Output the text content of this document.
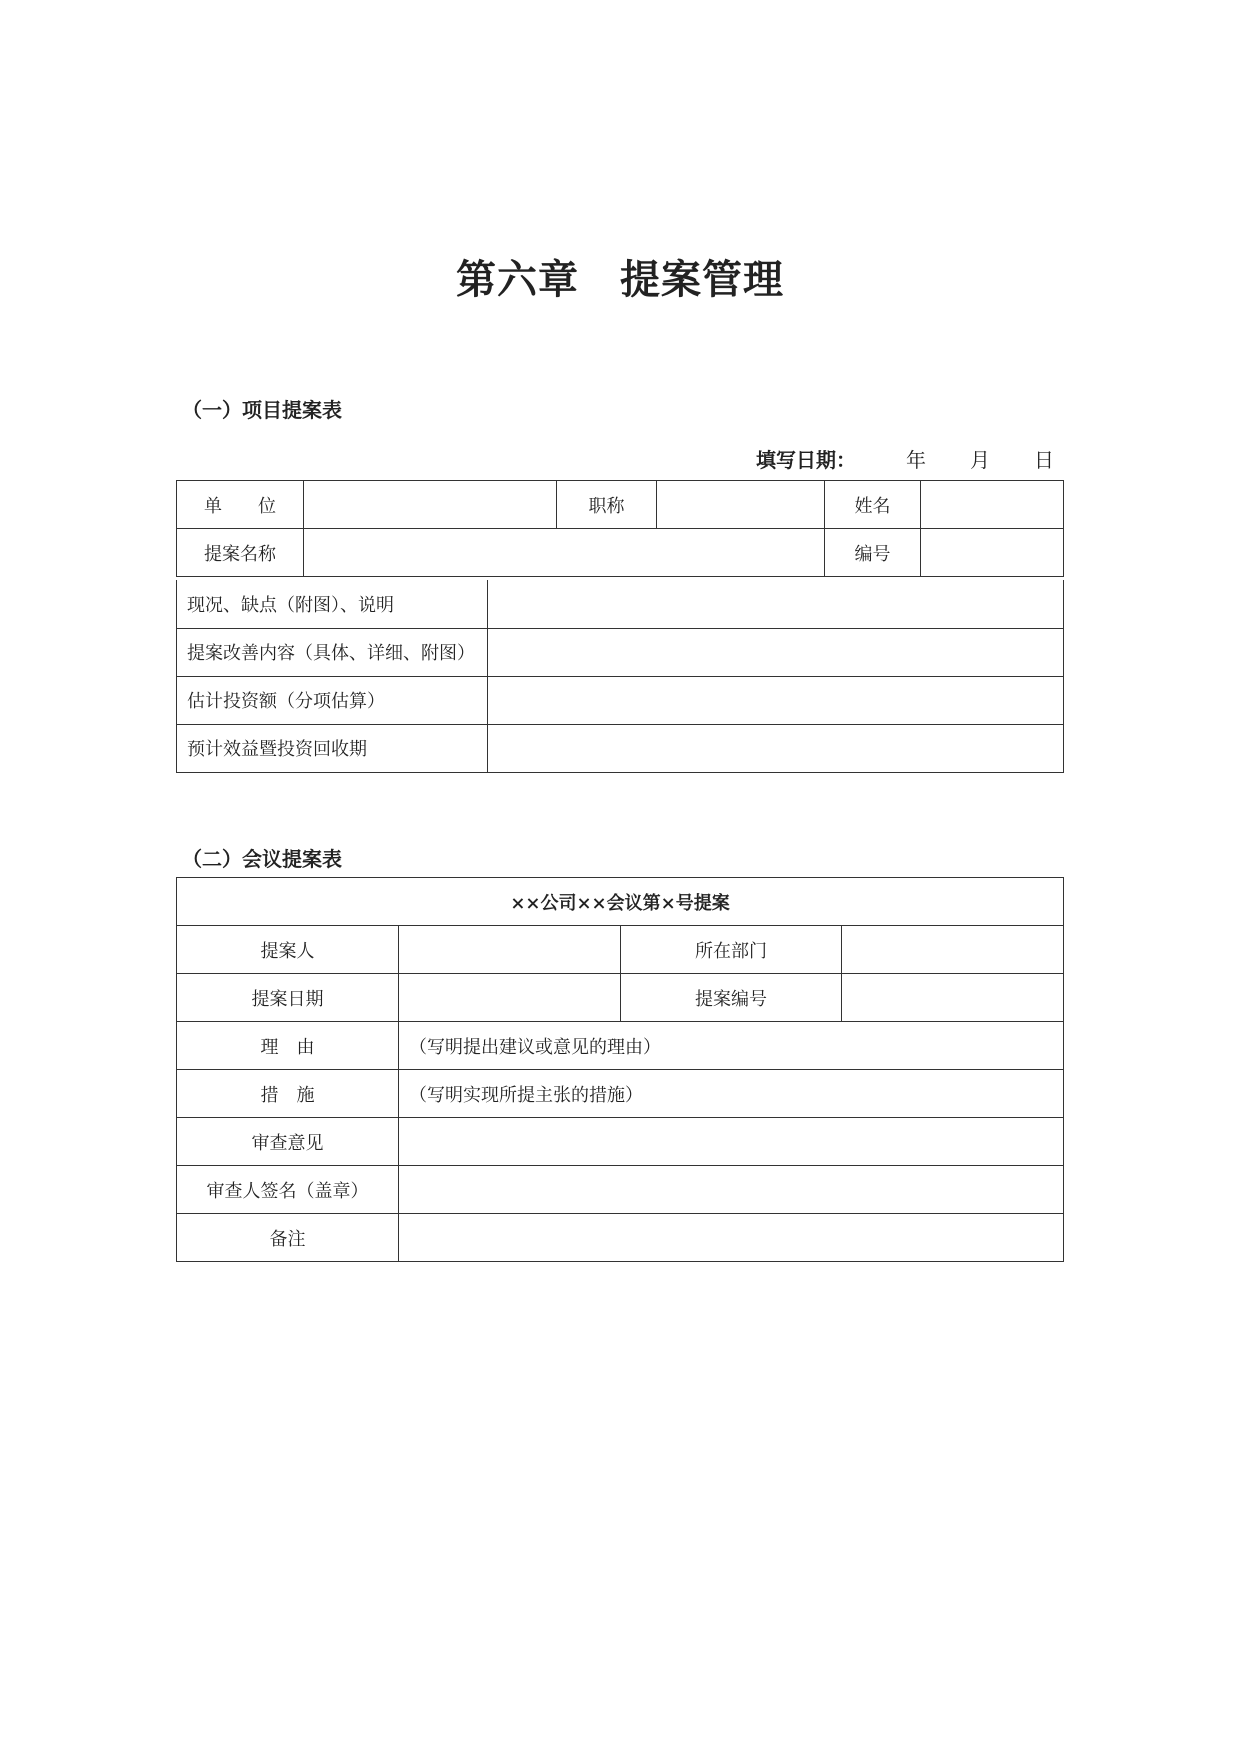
第六章　提案管理
（一）项目提案表
填写日期：	年 月 日
单　　位		职称		姓名	
提案名称				编号	
现况、缺点（附图）、说明	
提案改善内容（具体、详细、附图）	
估计投资额（分项估算）	
预计效益暨投资回收期	
（二）会议提案表
××公司××会议第×号提案			
提案人		所在部门	
提案日期		提案编号	
理　由	（写明提出建议或意见的理由）		
措　施	（写明实现所提主张的措施）		
审查意见			
审查人签名（盖章）			
备注			
